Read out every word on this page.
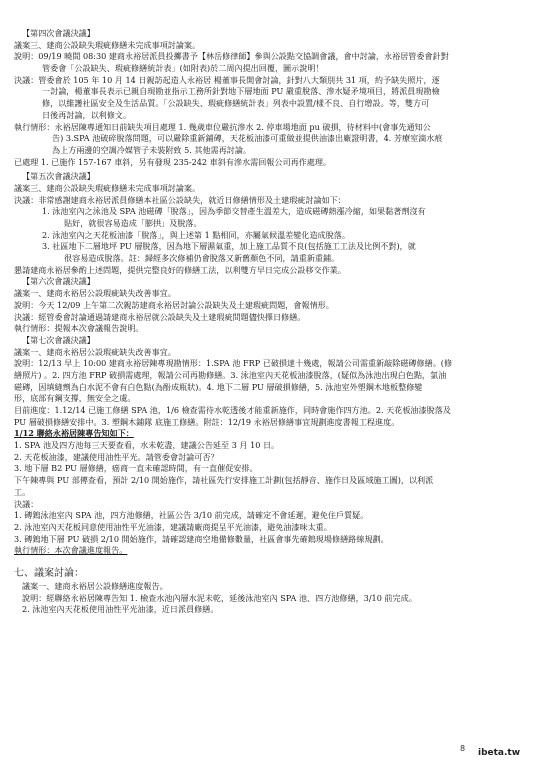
【第四次會議決議】
議案三、建商公設缺失瑕疵修繕未完成事項討論案。
說明：09/19 曉間 08:30 建商永裕居派員投擲書予【林岳修律師】參與公設點交協調會議，會中討論，永裕居管委會針對
管委會「公設缺失、瑕疵修繕統計表」(如附表)於二周內提出回覆，圖示說明！
決議：管委會於 105 年 10 月 14 日親訪起造人永裕居 楊董事長開會討論，針對八大類別共 31 項，約予缺失照片，逐
一討論，楊董事長表示已親自現勘並指示工務所針對地下層地面 PU 嚴重脫落、滲水疑矛境項目，將派員現勘檢
修，以維護社區安全及生活品質。「公設缺失、瑕疵修繕統計表」列表中設置/樣不良、自行增設。等，雙方可
日後再討論，以利修文。
執行情形：永裕居陳專通知日前缺失項目處理 1. 幾歲車位嚴抗滲水 2. 停車場地面 pu 破損，待材料中(會事先通知公
告) 3.SPA 池破碎脫落問題，可以嚴除重新鋪磚，天花板油漆可重做並提供油漆出廠證明書，4. 芳療室滴水痕
為上方兩邊的空調冷媒管子未裝附致 5. 其他需再討論。
已處理 1. 已施作 157-167 車斜，另有發現 235-242 車斜有滲水需回報公司再作處理。
【第五次會議決議】
議案三、建商公設缺失瑕疵修繕未完成事項討論案。
決議：非常感謝建商永裕居派員修繕本社區公設缺失，就近日修繕情形及土建瑕疵討論如下：
1. 泳池室內之泳池及 SPA 池磁磚「脫落」，因為季節交替產生溫差大，造成磁磚熱漲冷縮，如果黏著劑沒有
貼好，就很容易造成「膨拱」及脫落。
2. 泳池室內之天花板油漆「脫落」，與上述第 1 點相同，亦屬氣候溫差變化造成脫落。
3. 社區地下二層地坪 PU 層脫落，因為地下層濕氣重，加上施工品質不良(包括施工工法及比例不對)，就
很容易造成脫落。註：歸經多次修補仍會脫落又新舊顏色不同，請重新重鋪。
懇請建商永裕居參酌上述問題，提供完整良好的修繕工法，以利雙方早日完成公設移交作業。
【第六次會議決議】
議案一、建商永裕居公設瑕疵缺失改善事宜。
說明：今天 12/09 上午第二次親訪建商永裕居討論公設缺失及土建瑕疵問題，會報情形。
決議：經管委會討論通過請建商永裕居就公設缺失及土建瑕疵問題儘快擇日修繕。
執行情形：提報本次會議報告說明。
【第七次會議決議】
議案一、建商永裕居公設瑕疵缺失改善事宜。
說明：12/13 早上 10:00 建商永裕居陳專現勘情形：1.SPA 池 FRP 已破損達十幾處，報請公司需重新敲除磁磚修繕。(修
繕照片) 。2. 四方池 FRP 破損需處理，報請公司再勘修繕。3. 泳池室內天花板油漆脫落，(疑似為泳池出現白色點，氯油
磁磚，因填縫劑為白水泥不會有白色點(為酚成瓶狀)。4. 地下二層 PU 層破損修繕，5. 泳池室外塑鋼木地板整修變
形，底部有鋼支撐，無安全之虞。
目前進度：1.12/14 已施工修繕 SPA 池，1/6 檢查需待水乾透後才能重新施作，同時會施作四方池。2. 天花板油漆脫落及
PU 層破損修繕安排中。3. 塑鋼木鋪隊 底施工修繕。附註：12/19 永裕居修繕事宜規劃進度書報工程進度。
1/12 聯絡永裕居陳專告知如下：
1. SPA 池及四方池每三天要查看，水未乾盡，建議公告延至 3 月 10 日。
2. 天花板油漆，建議使用油性平光。請管委會討論可否？
3. 地下層 B2 PU 層修繕，癌商一直未確認時間，有一直催促安排。
下午陳專與 PU 部傳查看，預計 2/10 開始施作，請社區先行安排施工計劃(包括靜音、施作日及區域施工圖)，以利派
工。
決議：
1. 磚鎢泳池室內 SPA 池，四方池修繕，社區公告 3/10 前完成，請確定不會延遲，避免住戶質疑。
2. 泳池室內天花板同意使用油性平光油漆，建議請廠商提呈平光油漆，避免油漆味太重。
3. 磚鎢地下層 PU 破損 2/10 開始施作，請確認建商空地備修數量，社區會事先確鎢現場修繕路線規劃。
執行情形：本次會議進度報告。
七、議案討論：
議案一、建商永裕居公設修繕進度報告。
說明：經聯絡永裕居陳專告知 1. 檢查水池內層水泥未乾，延後泳池室內 SPA 池、四方池修繕，3/10 前完成。
2. 泳池室內天花板使用油性平光油漆，近日派員修繕。
8 ibeta.tw
